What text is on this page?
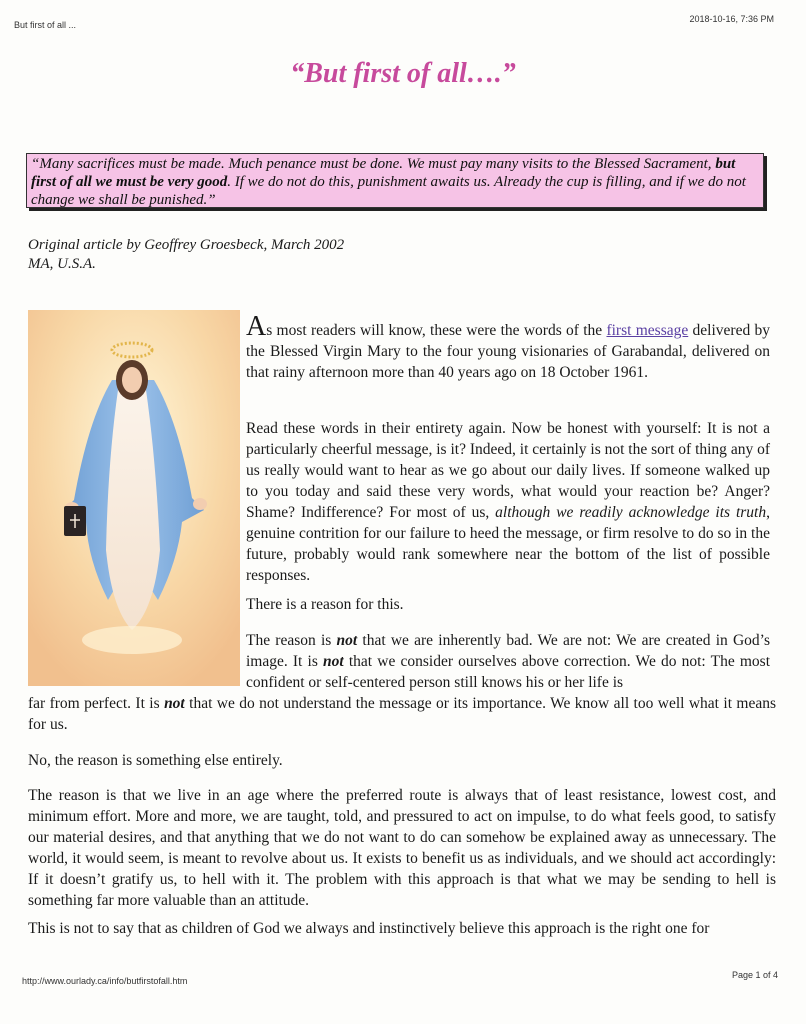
But first of all ...
2018-10-16, 7:36 PM
“But first of all….”
“Many sacrifices must be made. Much penance must be done. We must pay many visits to the Blessed Sacrament, but first of all we must be very good. If we do not do this, punishment awaits us. Already the cup is filling, and if we do not change we shall be punished.”
Original article by Geoffrey Groesbeck, March 2002
MA, U.S.A.

As most readers will know, these were the words of the first message delivered by the Blessed Virgin Mary to the four young visionaries of Garabandal, delivered on that rainy afternoon more than 40 years ago on 18 October 1961.

Read these words in their entirety again. Now be honest with yourself: It is not a particularly cheerful message, is it? Indeed, it certainly is not the sort of thing any of us really would want to hear as we go about our daily lives. If someone walked up to you today and said these very words, what would your reaction be? Anger? Shame? Indifference? For most of us, although we readily acknowledge its truth, genuine contrition for our failure to heed the message, or firm resolve to do so in the future, probably would rank somewhere near the bottom of the list of possible responses.

There is a reason for this.

The reason is not that we are inherently bad. We are not: We are created in God’s image. It is not that we consider ourselves above correction. We do not: The most confident or self-centered person still knows his or her life is

far from perfect. It is not that we do not understand the message or its importance. We know all too well what it means for us.

No, the reason is something else entirely.

The reason is that we live in an age where the preferred route is always that of least resistance, lowest cost, and minimum effort. More and more, we are taught, told, and pressured to act on impulse, to do what feels good, to satisfy our material desires, and that anything that we do not want to do can somehow be explained away as unnecessary. The world, it would seem, is meant to revolve about us. It exists to benefit us as individuals, and we should act accordingly: If it doesn’t gratify us, to hell with it. The problem with this approach is that what we may be sending to hell is something far more valuable than an attitude.

This is not to say that as children of God we always and instinctively believe this approach is the right one for

http://www.ourlady.ca/info/butfirstofall.htm
Page 1 of 4
